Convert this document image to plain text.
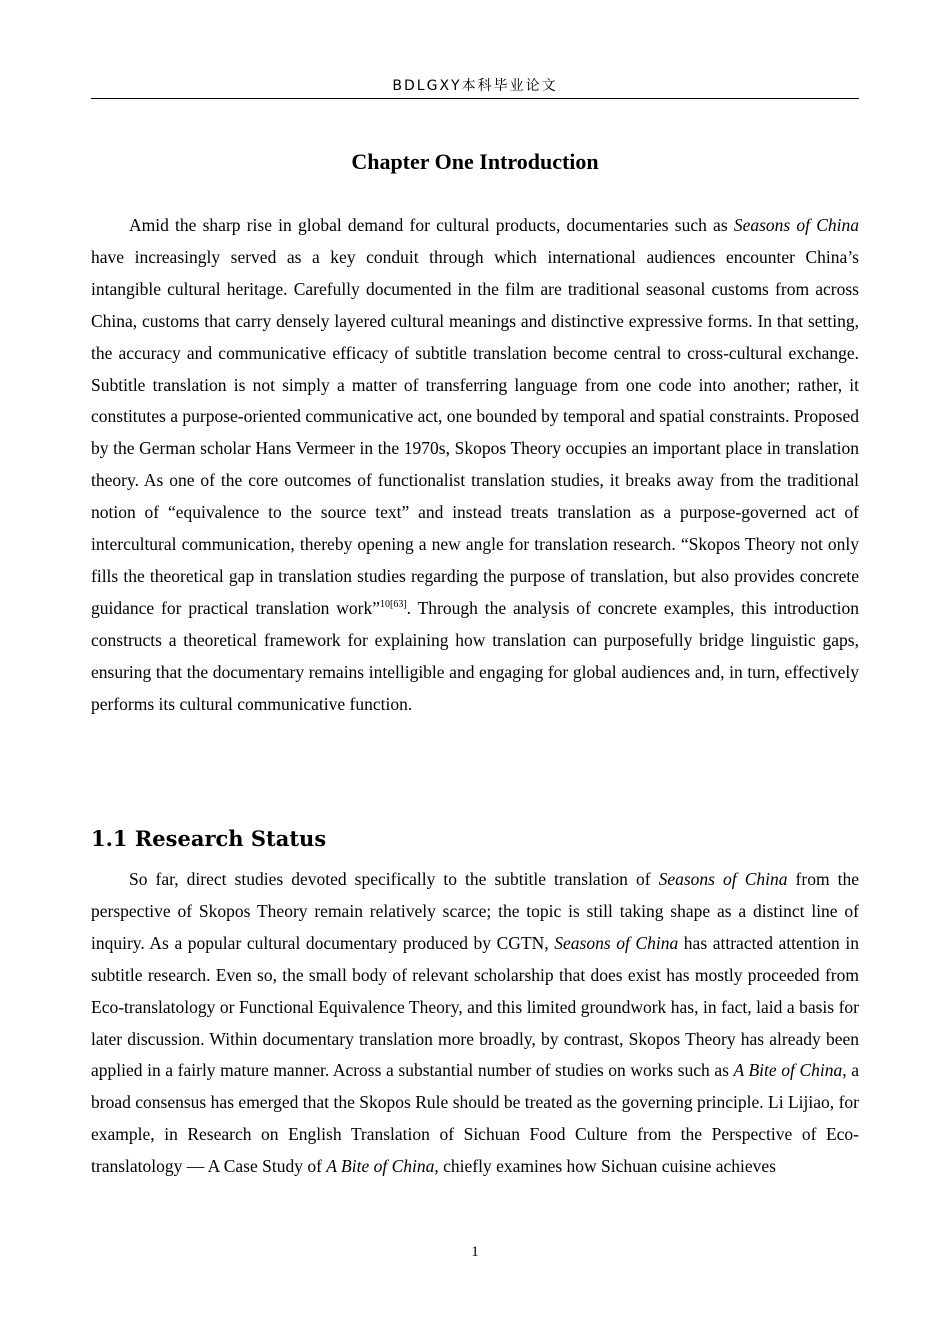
BDLGXY本科毕业论文
Chapter One Introduction

Amid the sharp rise in global demand for cultural products, documentaries such as Seasons of China have increasingly served as a key conduit through which international audiences encounter China’s intangible cultural heritage. Carefully documented in the film are traditional seasonal customs from across China, customs that carry densely layered cultural meanings and distinctive expressive forms. In that setting, the accuracy and communicative efficacy of subtitle translation become central to cross-cultural exchange. Subtitle translation is not simply a matter of transferring language from one code into another; rather, it constitutes a purpose-oriented communicative act, one bounded by temporal and spatial constraints. Proposed by the German scholar Hans Vermeer in the 1970s, Skopos Theory occupies an important place in translation theory. As one of the core outcomes of functionalist translation studies, it breaks away from the traditional notion of “equivalence to the source text” and instead treats translation as a purpose-governed act of intercultural communication, thereby opening a new angle for translation research. “Skopos Theory not only fills the theoretical gap in translation studies regarding the purpose of translation, but also provides concrete guidance for practical translation work”$^{10[63]}$. Through the analysis of concrete examples, this introduction constructs a theoretical framework for explaining how translation can purposefully bridge linguistic gaps, ensuring that the documentary remains intelligible and engaging for global audiences and, in turn, effectively performs its cultural communicative function.

1.1 Research Status

So far, direct studies devoted specifically to the subtitle translation of Seasons of China from the perspective of Skopos Theory remain relatively scarce; the topic is still taking shape as a distinct line of inquiry. As a popular cultural documentary produced by CGTN, Seasons of China has attracted attention in subtitle research. Even so, the small body of relevant scholarship that does exist has mostly proceeded from Eco-translatology or Functional Equivalence Theory, and this limited groundwork has, in fact, laid a basis for later discussion. Within documentary translation more broadly, by contrast, Skopos Theory has already been applied in a fairly mature manner. Across a substantial number of studies on works such as A Bite of China, a broad consensus has emerged that the Skopos Rule should be treated as the governing principle. Li Lijiao, for example, in Research on English Translation of Sichuan Food Culture from the Perspective of Eco-translatology — A Case Study of A Bite of China, chiefly examines how Sichuan cuisine achieves

1
